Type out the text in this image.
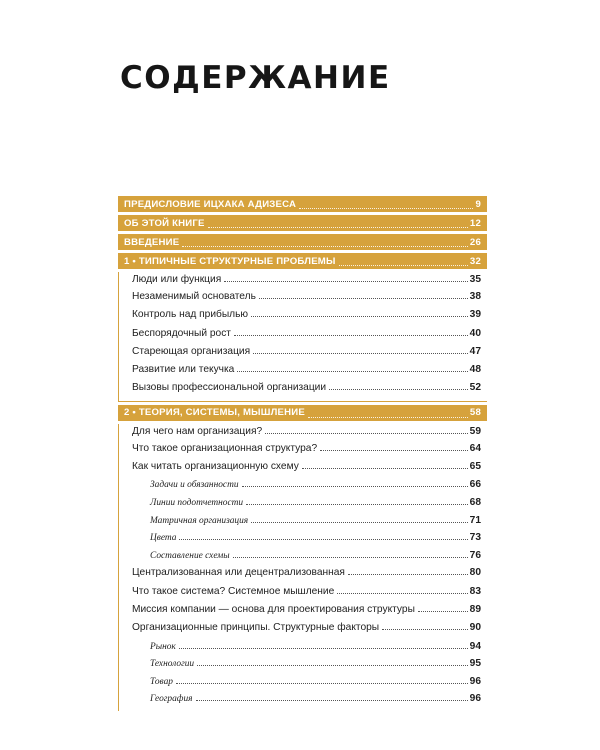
СОДЕРЖАНИЕ
ПРЕДИСЛОВИЕ ИЦХАКА АДИЗЕСА	9
ОБ ЭТОЙ КНИГЕ	12
ВВЕДЕНИЕ	26
1 • ТИПИЧНЫЕ СТРУКТУРНЫЕ ПРОБЛЕМЫ	32
Люди или функция	35
Незаменимый основатель	38
Контроль над прибылью	39
Беспорядочный рост	40
Стареющая организация	47
Развитие или текучка	48
Вызовы профессиональной организации	52
2 • ТЕОРИЯ, СИСТЕМЫ, МЫШЛЕНИЕ	58
Для чего нам организация?	59
Что такое организационная структура?	64
Как читать организационную схему	65
Задачи и обязанности	66
Линии подотчетности	68
Матричная организация	71
Цвета	73
Составление схемы	76
Централизованная или децентрализованная	80
Что такое система? Системное мышление	83
Миссия компании — основа для проектирования структуры	89
Организационные принципы. Структурные факторы	90
Рынок	94
Технологии	95
Товар	96
География	96
